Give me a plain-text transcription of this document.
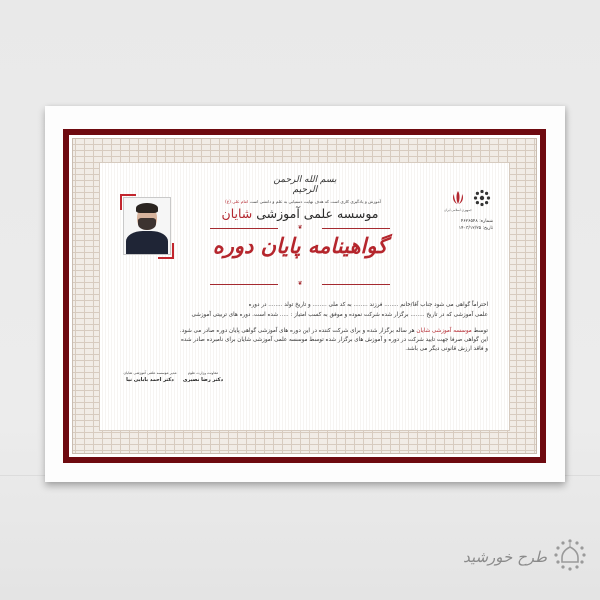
بسم الله الرحمن الرحیم
آموزش و یادگیری کاری است که هدف نهایت دستیابی به علم و دانشی است امام علی (ع)
موسسه علمی آموزشی شایان
❦
گواهینامه پایان دوره
❦
جمهوری اسلامی ایران
شماره: ۴۶۲۶۵۴۸
تاریخ: ۱۴۰۳/۱۲/۲۵
احتراماً گواهی می شود جناب آقا/خانم ........ فرزند ........ به کد ملی ........ و تاریخ تولد ........ در دوره
علمی آموزشی که در تاریخ ........ برگزار شده شرکت نموده و موفق به کسب امتیاز : ..... شده است. دوره های تربیتی آموزشی
توسط موسسه آموزشی شایان هر ساله برگزار شده و برای شرکت کننده در این دوره های آموزشی گواهی پایان دوره صادر می شود.
این گواهی صرفا جهت تایید شرکت در دوره و آموزش های برگزار شده توسط موسسه علمی آموزشی شایان برای نامبرده صادر شده
و فاقد ارزش قانونی دیگر می باشد.
معاونت وزارت علوم
دکتر رضا نصیری
مدیر موسسه علمی آموزشی شایان
دکتر احمد بابایی نیا
طرح خورشید
